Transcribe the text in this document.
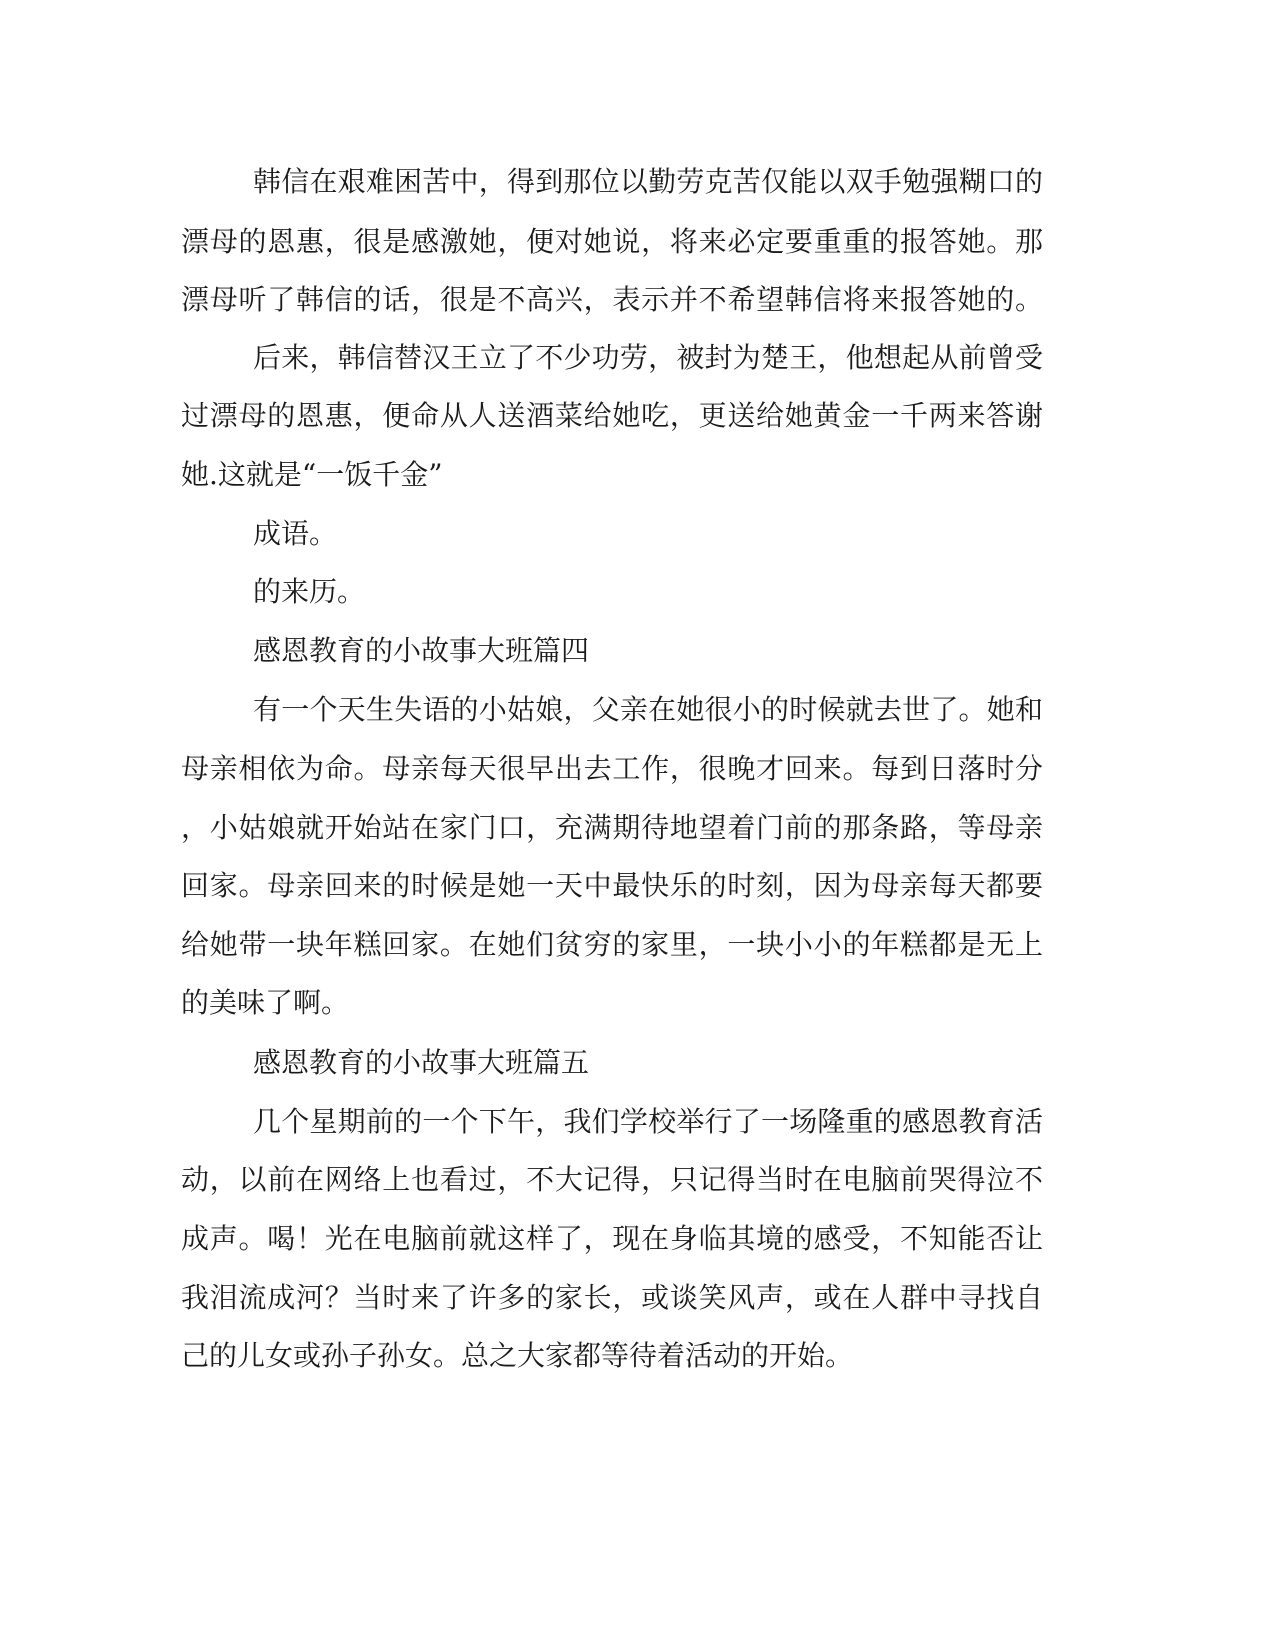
韩信在艰难困苦中，得到那位以勤劳克苦仅能以双手勉强糊口的
漂母的恩惠，很是感激她，便对她说，将来必定要重重的报答她。那
漂母听了韩信的话，很是不高兴，表示并不希望韩信将来报答她的。
后来，韩信替汉王立了不少功劳，被封为楚王，他想起从前曾受
过漂母的恩惠，便命从人送酒菜给她吃，更送给她黄金一千两来答谢
她.这就是“一饭千金”
成语。
的来历。
感恩教育的小故事大班篇四
有一个天生失语的小姑娘，父亲在她很小的时候就去世了。她和
母亲相依为命。母亲每天很早出去工作，很晚才回来。每到日落时分
，小姑娘就开始站在家门口，充满期待地望着门前的那条路，等母亲
回家。母亲回来的时候是她一天中最快乐的时刻，因为母亲每天都要
给她带一块年糕回家。在她们贫穷的家里，一块小小的年糕都是无上
的美味了啊。
感恩教育的小故事大班篇五
几个星期前的一个下午，我们学校举行了一场隆重的感恩教育活
动，以前在网络上也看过，不大记得，只记得当时在电脑前哭得泣不
成声。喝！光在电脑前就这样了，现在身临其境的感受，不知能否让
我泪流成河？当时来了许多的家长，或谈笑风声，或在人群中寻找自
己的儿女或孙子孙女。总之大家都等待着活动的开始。
